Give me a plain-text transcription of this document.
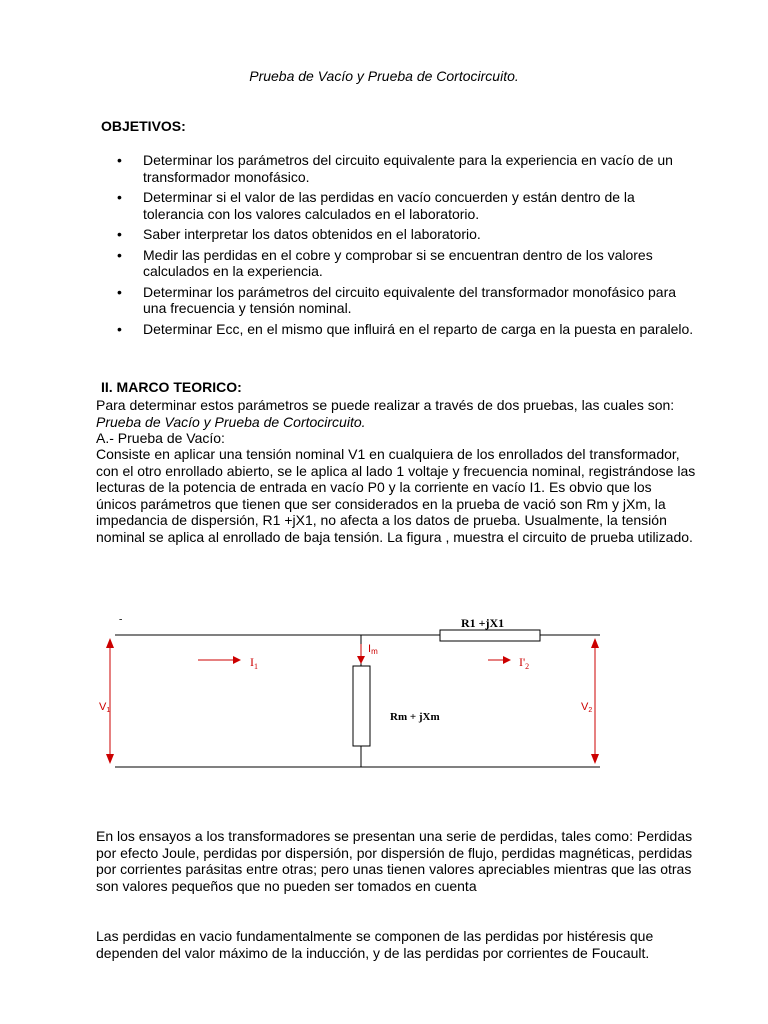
Prueba de Vacío y Prueba de Cortocircuito.
OBJETIVOS:
• Determinar los parámetros del circuito equivalente para la experiencia en vacío de un transformador monofásico.
• Determinar si el valor de las perdidas en vacío concuerden y están dentro de la tolerancia con los valores calculados en el laboratorio.
• Saber interpretar los datos obtenidos en el laboratorio.
• Medir las perdidas en el cobre y comprobar si se encuentran dentro de los valores calculados en la experiencia.
• Determinar los parámetros del circuito equivalente del transformador monofásico para una frecuencia y tensión nominal.
• Determinar Ecc, en el mismo que influirá en el reparto de carga en la puesta en paralelo.
II. MARCO TEORICO:

Para determinar estos parámetros se puede realizar a través de dos pruebas, las cuales son: Prueba de Vacío y Prueba de Cortocircuito.

A.- Prueba de Vacío:

Consiste en aplicar una tensión nominal V1 en cualquiera de los enrollados del transformador, con el otro enrollado abierto, se le aplica al lado 1 voltaje y frecuencia nominal, registrándose las lecturas de la potencia de entrada en vacío P0 y la corriente en vacío I1. Es obvio que los únicos parámetros que tienen que ser considerados en la prueba de vació son Rm y jXm, la impedancia de dispersión, R1 +jX1, no afecta a los datos de prueba. Usualmente, la tensión nominal se aplica al enrollado de baja tensión. La figura , muestra el circuito de prueba utilizado.

-	R1 +jX1
Rm + jXm
$I_1$	$I'_2$
Im
V1	V2

En los ensayos a los transformadores se presentan una serie de perdidas, tales como: Perdidas por efecto Joule, perdidas por dispersión, por dispersión de flujo, perdidas magnéticas, perdidas por corrientes parásitas entre otras; pero unas tienen valores apreciables mientras que las otras son valores pequeños que no pueden ser tomados en cuenta

Las perdidas en vacio fundamentalmente se componen de las perdidas por histéresis que dependen del valor máximo de la inducción, y de las perdidas por corrientes de Foucault.
